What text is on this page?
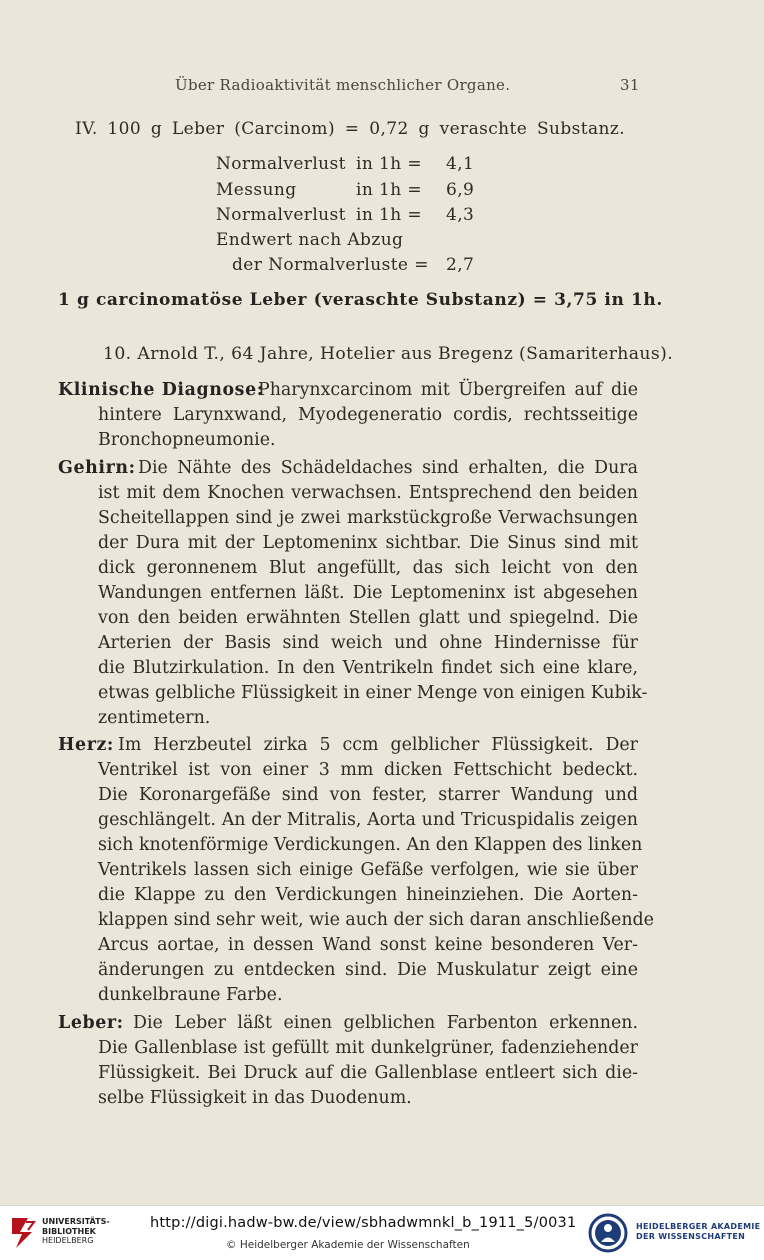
Über Radioaktivität menschlicher Organe.	31
IV. 100 g Leber (Carcinom) = 0,72 g veraschte Substanz.
Normalverlust in 1h = 4,1
Messung	in 1h = 6,9
Normalverlust in 1h = 4,3
Endwert nach Abzug
der Normalverluste = 2,7
1 g carcinomatöse Leber (veraschte Substanz) = 3,75 in 1h.
10. Arnold T., 64 Jahre, Hotelier aus Bregenz (Samariterhaus).
Klinische Diagnose:
Pharynxcarcinom mit Übergreifen auf die
hintere Larynxwand, Myodegeneratio cordis, rechtsseitige
Bronchopneumonie.
Gehirn: Die Nähte des Schädeldaches sind erhalten, die Dura
ist mit dem Knochen verwachsen. Entsprechend den beiden
Scheitellappen sind je zwei markstückgroße Verwachsungen
der Dura mit der Leptomeninx sichtbar. Die Sinus sind mit
dick geronnenem Blut angefüllt, das sich leicht von den
Wandungen entfernen läßt. Die Leptomeninx ist abgesehen
von den beiden erwähnten Stellen glatt und spiegelnd. Die
Arterien der Basis sind weich und ohne Hindernisse für
die Blutzirkulation. In den Ventrikeln findet sich eine klare,
etwas gelbliche Flüssigkeit in einer Menge von einigen Kubik-
zentimetern.
Herz: Im Herzbeutel zirka 5 ccm gelblicher Flüssigkeit. Der
Ventrikel ist von einer 3 mm dicken Fettschicht bedeckt.
Die Koronargefäße sind von fester, starrer Wandung und
geschlängelt. An der Mitralis, Aorta und Tricuspidalis zeigen
sich knotenförmige Verdickungen. An den Klappen des linken
Ventrikels lassen sich einige Gefäße verfolgen, wie sie über
die Klappe zu den Verdickungen hineinziehen. Die Aorten-
klappen sind sehr weit, wie auch der sich daran anschließende
Arcus aortae, in dessen Wand sonst keine besonderen Ver-
änderungen zu entdecken sind. Die Muskulatur zeigt eine
dunkelbraune Farbe.
Leber: Die Leber läßt einen gelblichen Farbenton erkennen.
Die Gallenblase ist gefüllt mit dunkelgrüner, fadenziehender
Flüssigkeit. Bei Druck auf die Gallenblase entleert sich die-
selbe Flüssigkeit in das Duodenum.
UNIVERSITÄTS-
BIBLIOTHEK
HEIDELBERG
http://digi.hadw-bw.de/view/sbhadwmnkl_b_1911_5/0031
© Heidelberger Akademie der Wissenschaften
HEIDELBERGER AKADEMIE
DER WISSENSCHAFTEN
